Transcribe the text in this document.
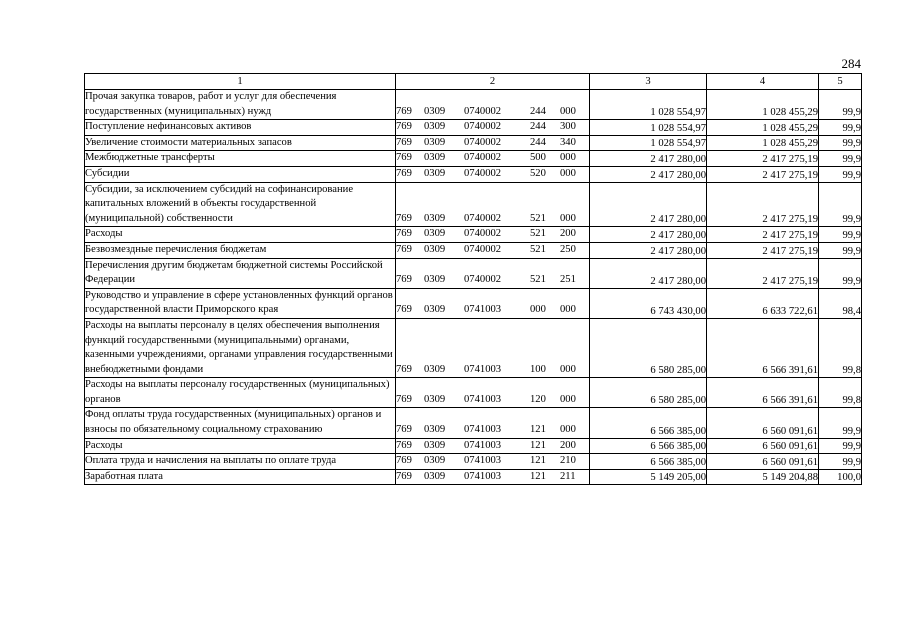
284
1	2	3	4	5
Прочая закупка товаров, работ и услуг для обеспечения государственных (муниципальных) нужд	769 0309 0740002 244 000	1 028 554,97	1 028 455,29	99,9
Поступление нефинансовых активов	769 0309 0740002 244 300	1 028 554,97	1 028 455,29	99,9
Увеличение стоимости материальных запасов	769 0309 0740002 244 340	1 028 554,97	1 028 455,29	99,9
Межбюджетные трансферты	769 0309 0740002 500 000	2 417 280,00	2 417 275,19	99,9
Субсидии	769 0309 0740002 520 000	2 417 280,00	2 417 275,19	99,9
Субсидии, за исключением субсидий на софинансирование капитальных вложений в объекты государственной (муниципальной) собственности	769 0309 0740002 521 000	2 417 280,00	2 417 275,19	99,9
Расходы	769 0309 0740002 521 200	2 417 280,00	2 417 275,19	99,9
Безвозмездные перечисления бюджетам	769 0309 0740002 521 250	2 417 280,00	2 417 275,19	99,9
Перечисления другим бюджетам бюджетной системы Российской Федерации	769 0309 0740002 521 251	2 417 280,00	2 417 275,19	99,9
Руководство и управление в сфере установленных функций органов государственной власти Приморского края	769 0309 0741003 000 000	6 743 430,00	6 633 722,61	98,4
Расходы на выплаты персоналу в целях обеспечения выполнения функций государственными (муниципальными) органами, казенными учреждениями, органами управления государственными внебюджетными фондами	769 0309 0741003 100 000	6 580 285,00	6 566 391,61	99,8
Расходы на выплаты персоналу государственных (муниципальных) органов	769 0309 0741003 120 000	6 580 285,00	6 566 391,61	99,8
Фонд оплаты труда государственных (муниципальных) органов и взносы по обязательному социальному страхованию	769 0309 0741003 121 000	6 566 385,00	6 560 091,61	99,9
Расходы	769 0309 0741003 121 200	6 566 385,00	6 560 091,61	99,9
Оплата труда и начисления на выплаты по оплате труда	769 0309 0741003 121 210	6 566 385,00	6 560 091,61	99,9
Заработная плата	769 0309 0741003 121 211	5 149 205,00	5 149 204,88	100,0
